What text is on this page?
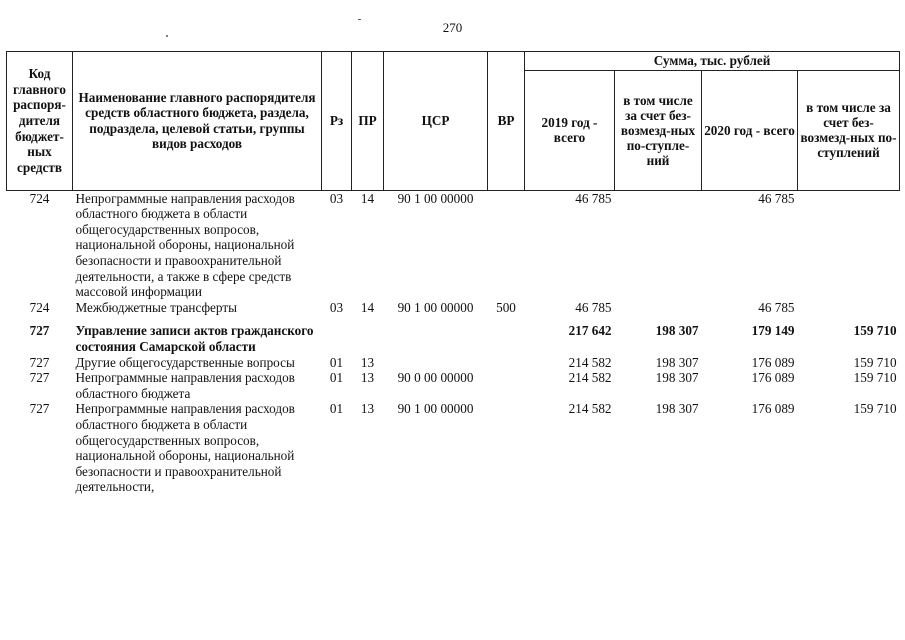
270
Код главного распоря-дителя бюджет-ных средств	Наименование главного распорядителя средств областного бюджета, раздела, подраздела, целевой статьи, группы видов расходов	Рз	ПР	ЦСР	ВР	Сумма, тыс. рублей			
						2019 год - всего	в том числе за счет без-возмезд-ных по-ступле-ний	2020 год - всего	в том числе за счет без-возмезд-ных по-ступлений
724	Непрограммные направления расходов областного бюджета в области общегосударственных вопросов, национальной обороны, национальной безопасности и правоохранительной деятельности, а также в сфере средств массовой информации	03	14	90 1 00 00000		46 785		46 785	
724	Межбюджетные трансферты	03	14	90 1 00 00000	500	46 785		46 785	
727	Управление записи актов гражданского состояния Самарской области					217 642	198 307	179 149	159 710
727	Другие общегосударственные вопросы	01	13			214 582	198 307	176 089	159 710
727	Непрограммные направления расходов областного бюджета	01	13	90 0 00 00000		214 582	198 307	176 089	159 710
727	Непрограммные направления расходов областного бюджета в области общегосударственных вопросов, национальной обороны, национальной безопасности и правоохранительной деятельности,	01	13	90 1 00 00000		214 582	198 307	176 089	159 710
